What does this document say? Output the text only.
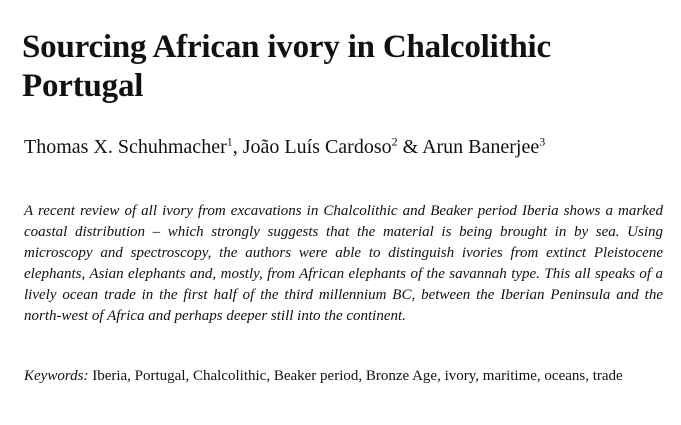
Sourcing African ivory in Chalcolithic Portugal
Thomas X. Schuhmacher$^1$, João Luís Cardoso$^2$ & Arun Banerjee$^3$

A recent review of all ivory from excavations in Chalcolithic and Beaker period Iberia shows a marked coastal distribution – which strongly suggests that the material is being brought in by sea. Using microscopy and spectroscopy, the authors were able to distinguish ivories from extinct Pleistocene elephants, Asian elephants and, mostly, from African elephants of the savannah type. This all speaks of a lively ocean trade in the first half of the third millennium BC, between the Iberian Peninsula and the north-west of Africa and perhaps deeper still into the continent.

Keywords: Iberia, Portugal, Chalcolithic, Beaker period, Bronze Age, ivory, maritime, oceans, trade
